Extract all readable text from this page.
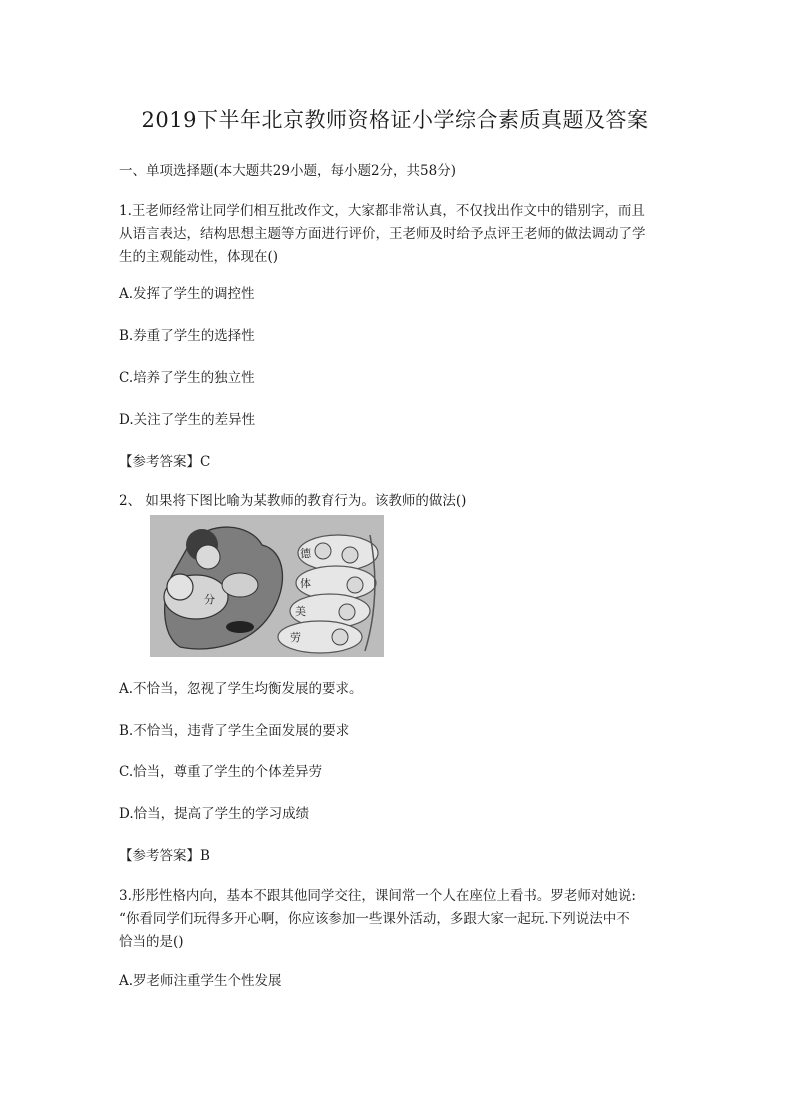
2019下半年北京教师资格证小学综合素质真题及答案
一、单项选择题(本大题共29小题，每小题2分，共58分)
1.王老师经常让同学们相互批改作文，大家都非常认真，不仅找出作文中的错别字，而且
从语言表达，结构思想主题等方面进行评价，王老师及时给予点评王老师的做法调动了学
生的主观能动性，体现在()
A.发挥了学生的调控性
B.券重了学生的选择性
C.培养了学生的独立性
D.关注了学生的差异性
【参考答案】C
2、 如果将下图比喻为某教师的教育行为。该教师的做法()
德
体
美
劳
分
A.不恰当，忽视了学生均衡发展的要求。
B.不恰当，违背了学生全面发展的要求
C.恰当，尊重了学生的个体差异劳
D.恰当，提高了学生的学习成绩
【参考答案】B
3.彤彤性格内向，基本不跟其他同学交往，课间常一个人在座位上看书。罗老师对她说:
“你看同学们玩得多开心啊，你应该参加一些课外活动，多跟大家一起玩.下列说法中不
恰当的是()
A.罗老师注重学生个性发展
